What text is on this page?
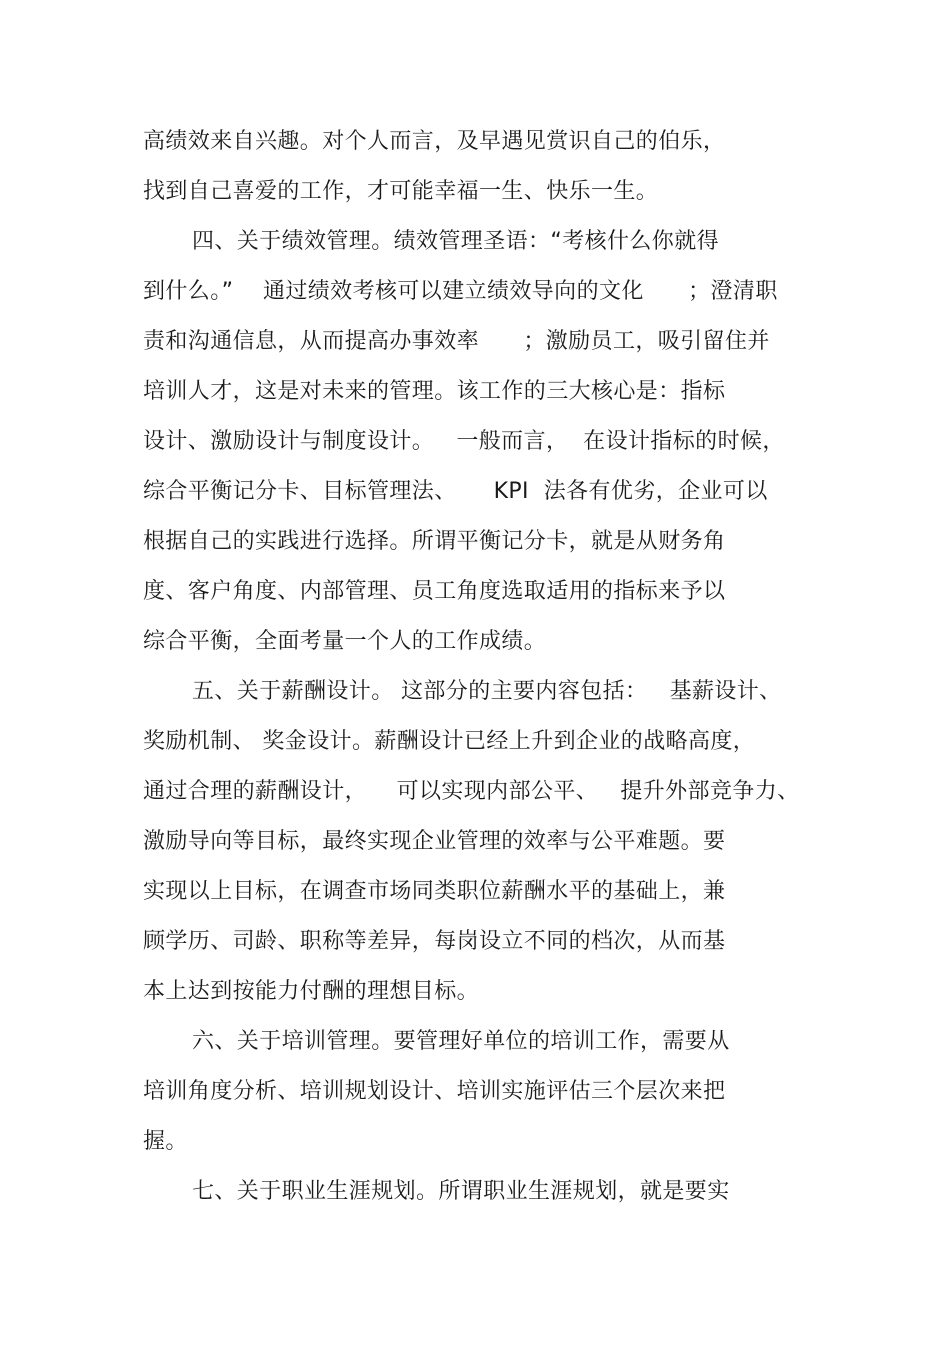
高绩效来自兴趣。对个人而言，及早遇见赏识自己的伯乐，
找到自己喜爱的工作，才可能幸福一生、快乐一生。
四、关于绩效管理。绩效管理圣语：“考核什么你就得
到什么。”    通过绩效考核可以建立绩效导向的文化      ；澄清职
责和沟通信息，从而提高办事效率      ；激励员工，吸引留住并
培训人才，这是对未来的管理。该工作的三大核心是：指标
设计、激励设计与制度设计。   一般而言，  在设计指标的时候，
综合平衡记分卡、目标管理法、     KPI  法各有优劣，企业可以
根据自己的实践进行选择。所谓平衡记分卡，就是从财务角
度、客户角度、内部管理、员工角度选取适用的指标来予以
综合平衡，全面考量一个人的工作成绩。
五、关于薪酬设计。 这部分的主要内容包括：   基薪设计、
奖励机制、 奖金设计。薪酬设计已经上升到企业的战略高度，
通过合理的薪酬设计，    可以实现内部公平、   提升外部竞争力、
激励导向等目标，最终实现企业管理的效率与公平难题。要
实现以上目标，在调查市场同类职位薪酬水平的基础上，兼
顾学历、司龄、职称等差异，每岗设立不同的档次，从而基
本上达到按能力付酬的理想目标。
六、关于培训管理。要管理好单位的培训工作，需要从
培训角度分析、培训规划设计、培训实施评估三个层次来把
握。
七、关于职业生涯规划。所谓职业生涯规划，就是要实
